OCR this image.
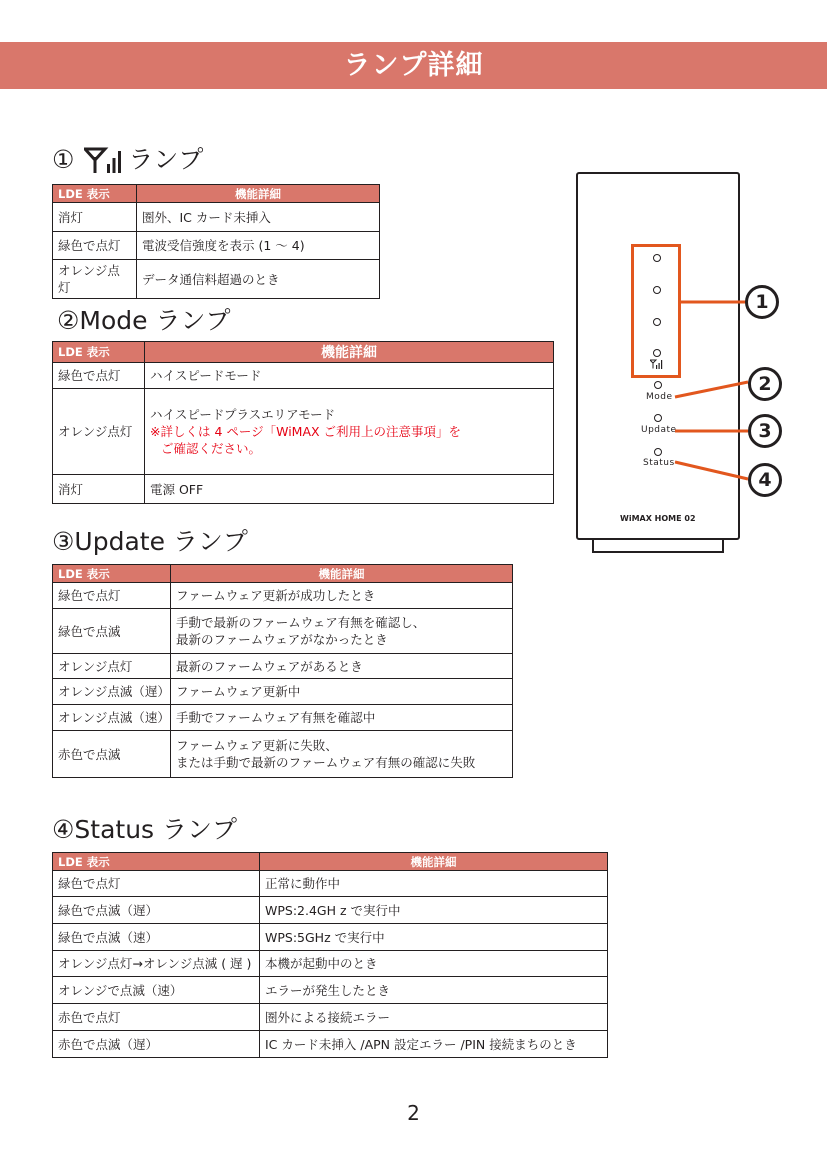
ランプ詳細
① ランプ
LDE 表示	機能詳細
消灯	圏外、IC カード未挿入
緑色で点灯	電波受信強度を表示 (1 ～ 4)
オレンジ点灯	データ通信料超過のとき
②Mode ランプ
LDE 表示	機能詳細
緑色で点灯	ハイスピードモード
オレンジ点灯	ハイスピードプラスエリアモード
※詳しくは 4 ページ「WiMAX ご利用上の注意事項」を
ご確認ください。

消灯	電源 OFF
③Update ランプ
LDE 表示	機能詳細
緑色で点灯	ファームウェア更新が成功したとき
緑色で点滅	手動で最新のファームウェア有無を確認し、
最新のファームウェアがなかったとき

オレンジ点灯	最新のファームウェアがあるとき
オレンジ点滅（遅）	ファームウェア更新中
オレンジ点滅（速）	手動でファームウェア有無を確認中
赤色で点滅	ファームウェア更新に失敗、
または手動で最新のファームウェア有無の確認に失敗
④Status ランプ
LDE 表示	機能詳細
緑色で点灯	正常に動作中
緑色で点滅（遅）	WPS:2.4GH z で実行中
緑色で点滅（速）	WPS:5GHz で実行中
オレンジ点灯→オレンジ点滅 ( 遅 )	本機が起動中のとき
オレンジで点滅（速）	エラーが発生したとき
赤色で点灯	圏外による接続エラー
赤色で点滅（遅）	IC カード未挿入 /APN 設定エラー /PIN 接続まちのとき
Mode
Update
Status
WiMAX HOME 02
1
2
3
4
2
